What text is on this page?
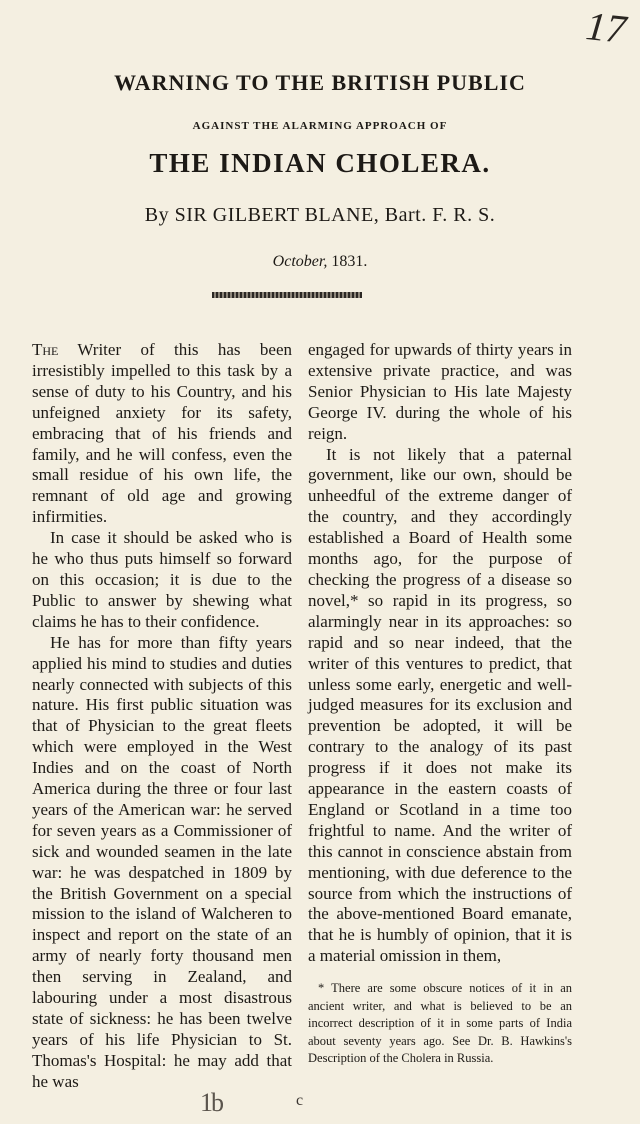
17
WARNING TO THE BRITISH PUBLIC
AGAINST THE ALARMING APPROACH OF
THE INDIAN CHOLERA.
By SIR GILBERT BLANE, Bart. F. R. S.
October, 1831.

The Writer of this has been irresistibly impelled to this task by a sense of duty to his Country, and his unfeigned anxiety for its safety, embracing that of his friends and family, and he will confess, even the small residue of his own life, the remnant of old age and growing infirmities.

In case it should be asked who is he who thus puts himself so forward on this occasion; it is due to the Public to answer by shewing what claims he has to their confidence.

He has for more than fifty years applied his mind to studies and duties nearly connected with subjects of this nature. His first public situation was that of Physician to the great fleets which were employed in the West Indies and on the coast of North America during the three or four last years of the American war: he served for seven years as a Commissioner of sick and wounded seamen in the late war: he was despatched in 1809 by the British Government on a special mission to the island of Walcheren to inspect and report on the state of an army of nearly forty thousand men then serving in Zealand, and labouring under a most disastrous state of sickness: he has been twelve years of his life Physician to St. Thomas's Hospital: he may add that he was

engaged for upwards of thirty years in extensive private practice, and was Senior Physician to His late Majesty George IV. during the whole of his reign.

It is not likely that a paternal government, like our own, should be unheedful of the extreme danger of the country, and they accordingly established a Board of Health some months ago, for the purpose of checking the progress of a disease so novel,* so rapid in its progress, so alarmingly near in its approaches: so rapid and so near indeed, that the writer of this ventures to predict, that unless some early, energetic and well-judged measures for its exclusion and prevention be adopted, it will be contrary to the analogy of its past progress if it does not make its appearance in the eastern coasts of England or Scotland in a time too frightful to name. And the writer of this cannot in conscience abstain from mentioning, with due deference to the source from which the instructions of the above-mentioned Board emanate, that he is humbly of opinion, that it is a material omission in them,

* There are some obscure notices of it in an ancient writer, and what is believed to be an incorrect description of it in some parts of India about seventy years ago. See Dr. B. Hawkins's Description of the Cholera in Russia.
1b	c
